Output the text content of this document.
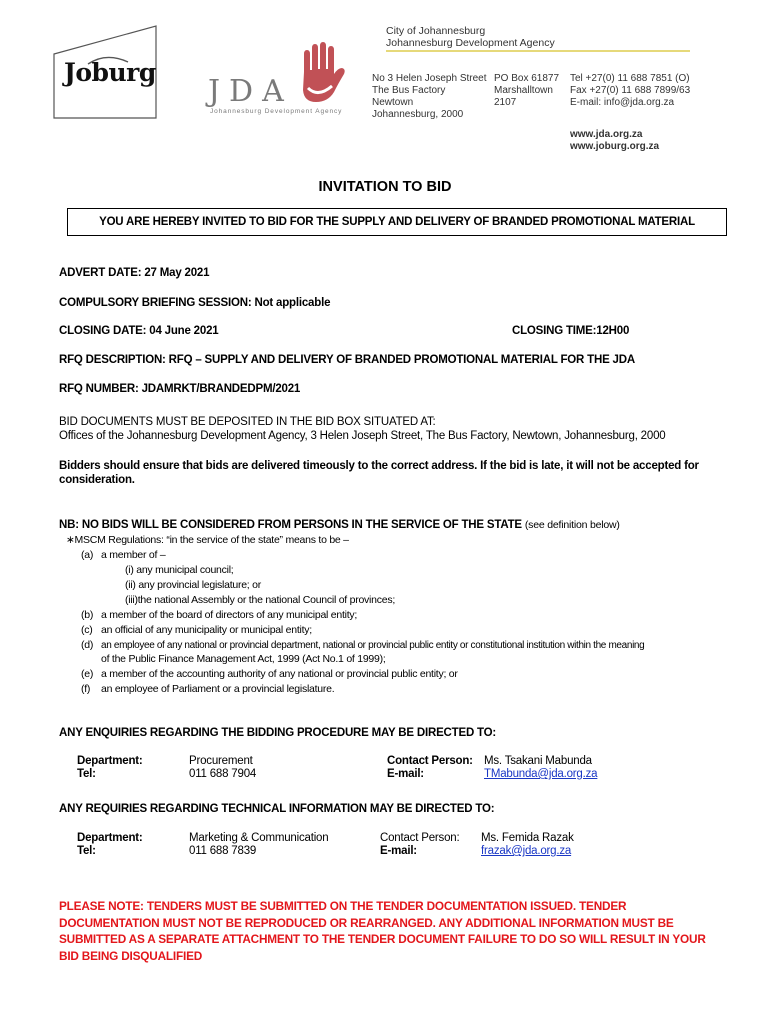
Joburg
JDA
Johannesburg Development Agency
City of Johannesburg
Johannesburg Development Agency
No 3 Helen Joseph Street
The Bus Factory
Newtown
Johannesburg, 2000
PO Box 61877
Marshalltown
2107
Tel +27(0) 11 688 7851 (O)
Fax +27(0) 11 688 7899/63
E-mail: info@jda.org.za
www.jda.org.za
www.joburg.org.za
INVITATION TO BID
YOU ARE HEREBY INVITED TO BID FOR THE SUPPLY AND DELIVERY OF BRANDED PROMOTIONAL MATERIAL
ADVERT DATE: 27 May 2021
COMPULSORY BRIEFING SESSION: Not applicable
CLOSING DATE: 04 June 2021	CLOSING TIME:12H00
RFQ DESCRIPTION: RFQ – SUPPLY AND DELIVERY OF BRANDED PROMOTIONAL MATERIAL FOR THE JDA
RFQ NUMBER: JDAMRKT/BRANDEDPM/2021
BID DOCUMENTS MUST BE DEPOSITED IN THE BID BOX SITUATED AT:
Offices of the Johannesburg Development Agency, 3 Helen Joseph Street, The Bus Factory, Newtown, Johannesburg, 2000
Bidders should ensure that bids are delivered timeously to the correct address. If the bid is late, it will not be accepted for
consideration.
NB: NO BIDS WILL BE CONSIDERED FROM PERSONS IN THE SERVICE OF THE STATE (see definition below)
∗MSCM Regulations: “in the service of the state” means to be –
(a) a member of –
(i) any municipal council;
(ii) any provincial legislature; or
(iii)the national Assembly or the national Council of provinces;
(b) a member of the board of directors of any municipal entity;
(c) an official of any municipality or municipal entity;
(d) an employee of any national or provincial department, national or provincial public entity or constitutional institution within the meaning
of the Public Finance Management Act, 1999 (Act No.1 of 1999);
(e) a member of the accounting authority of any national or provincial public entity; or
(f) an employee of Parliament or a provincial legislature.
ANY ENQUIRIES REGARDING THE BIDDING PROCEDURE MAY BE DIRECTED TO:
Department:
Tel:
Procurement
011 688 7904
Contact Person:
E-mail:
Ms. Tsakani Mabunda
TMabunda@jda.org.za
ANY REQUIRIES REGARDING TECHNICAL INFORMATION MAY BE DIRECTED TO:
Department:
Tel:
Marketing & Communication
011 688 7839
Contact Person:
E-mail:
Ms. Femida Razak
frazak@jda.org.za
PLEASE NOTE: TENDERS MUST BE SUBMITTED ON THE TENDER DOCUMENTATION ISSUED. TENDER
DOCUMENTATION MUST NOT BE REPRODUCED OR REARRANGED. ANY ADDITIONAL INFORMATION MUST BE
SUBMITTED AS A SEPARATE ATTACHMENT TO THE TENDER DOCUMENT FAILURE TO DO SO WILL RESULT IN YOUR
BID BEING DISQUALIFIED
